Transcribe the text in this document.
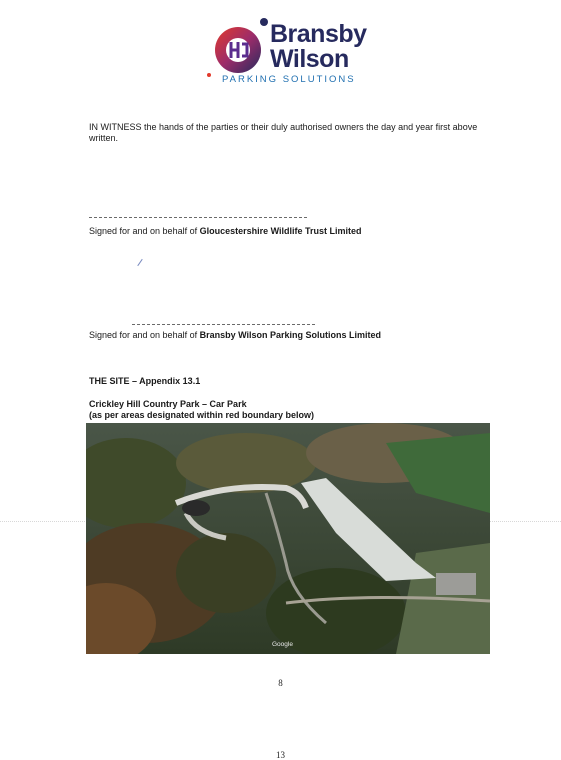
Bransby
Wilson
PARKING SOLUTIONS
IN WITNESS the hands of the parties or their duly authorised owners the day and year first above written.
Signed for and on behalf of Gloucestershire Wildlife Trust Limited
Signed for and on behalf of Bransby Wilson Parking Solutions Limited
THE SITE – Appendix 13.1
Crickley Hill Country Park – Car Park
(as per areas designated within red boundary below)
Google
8
13
